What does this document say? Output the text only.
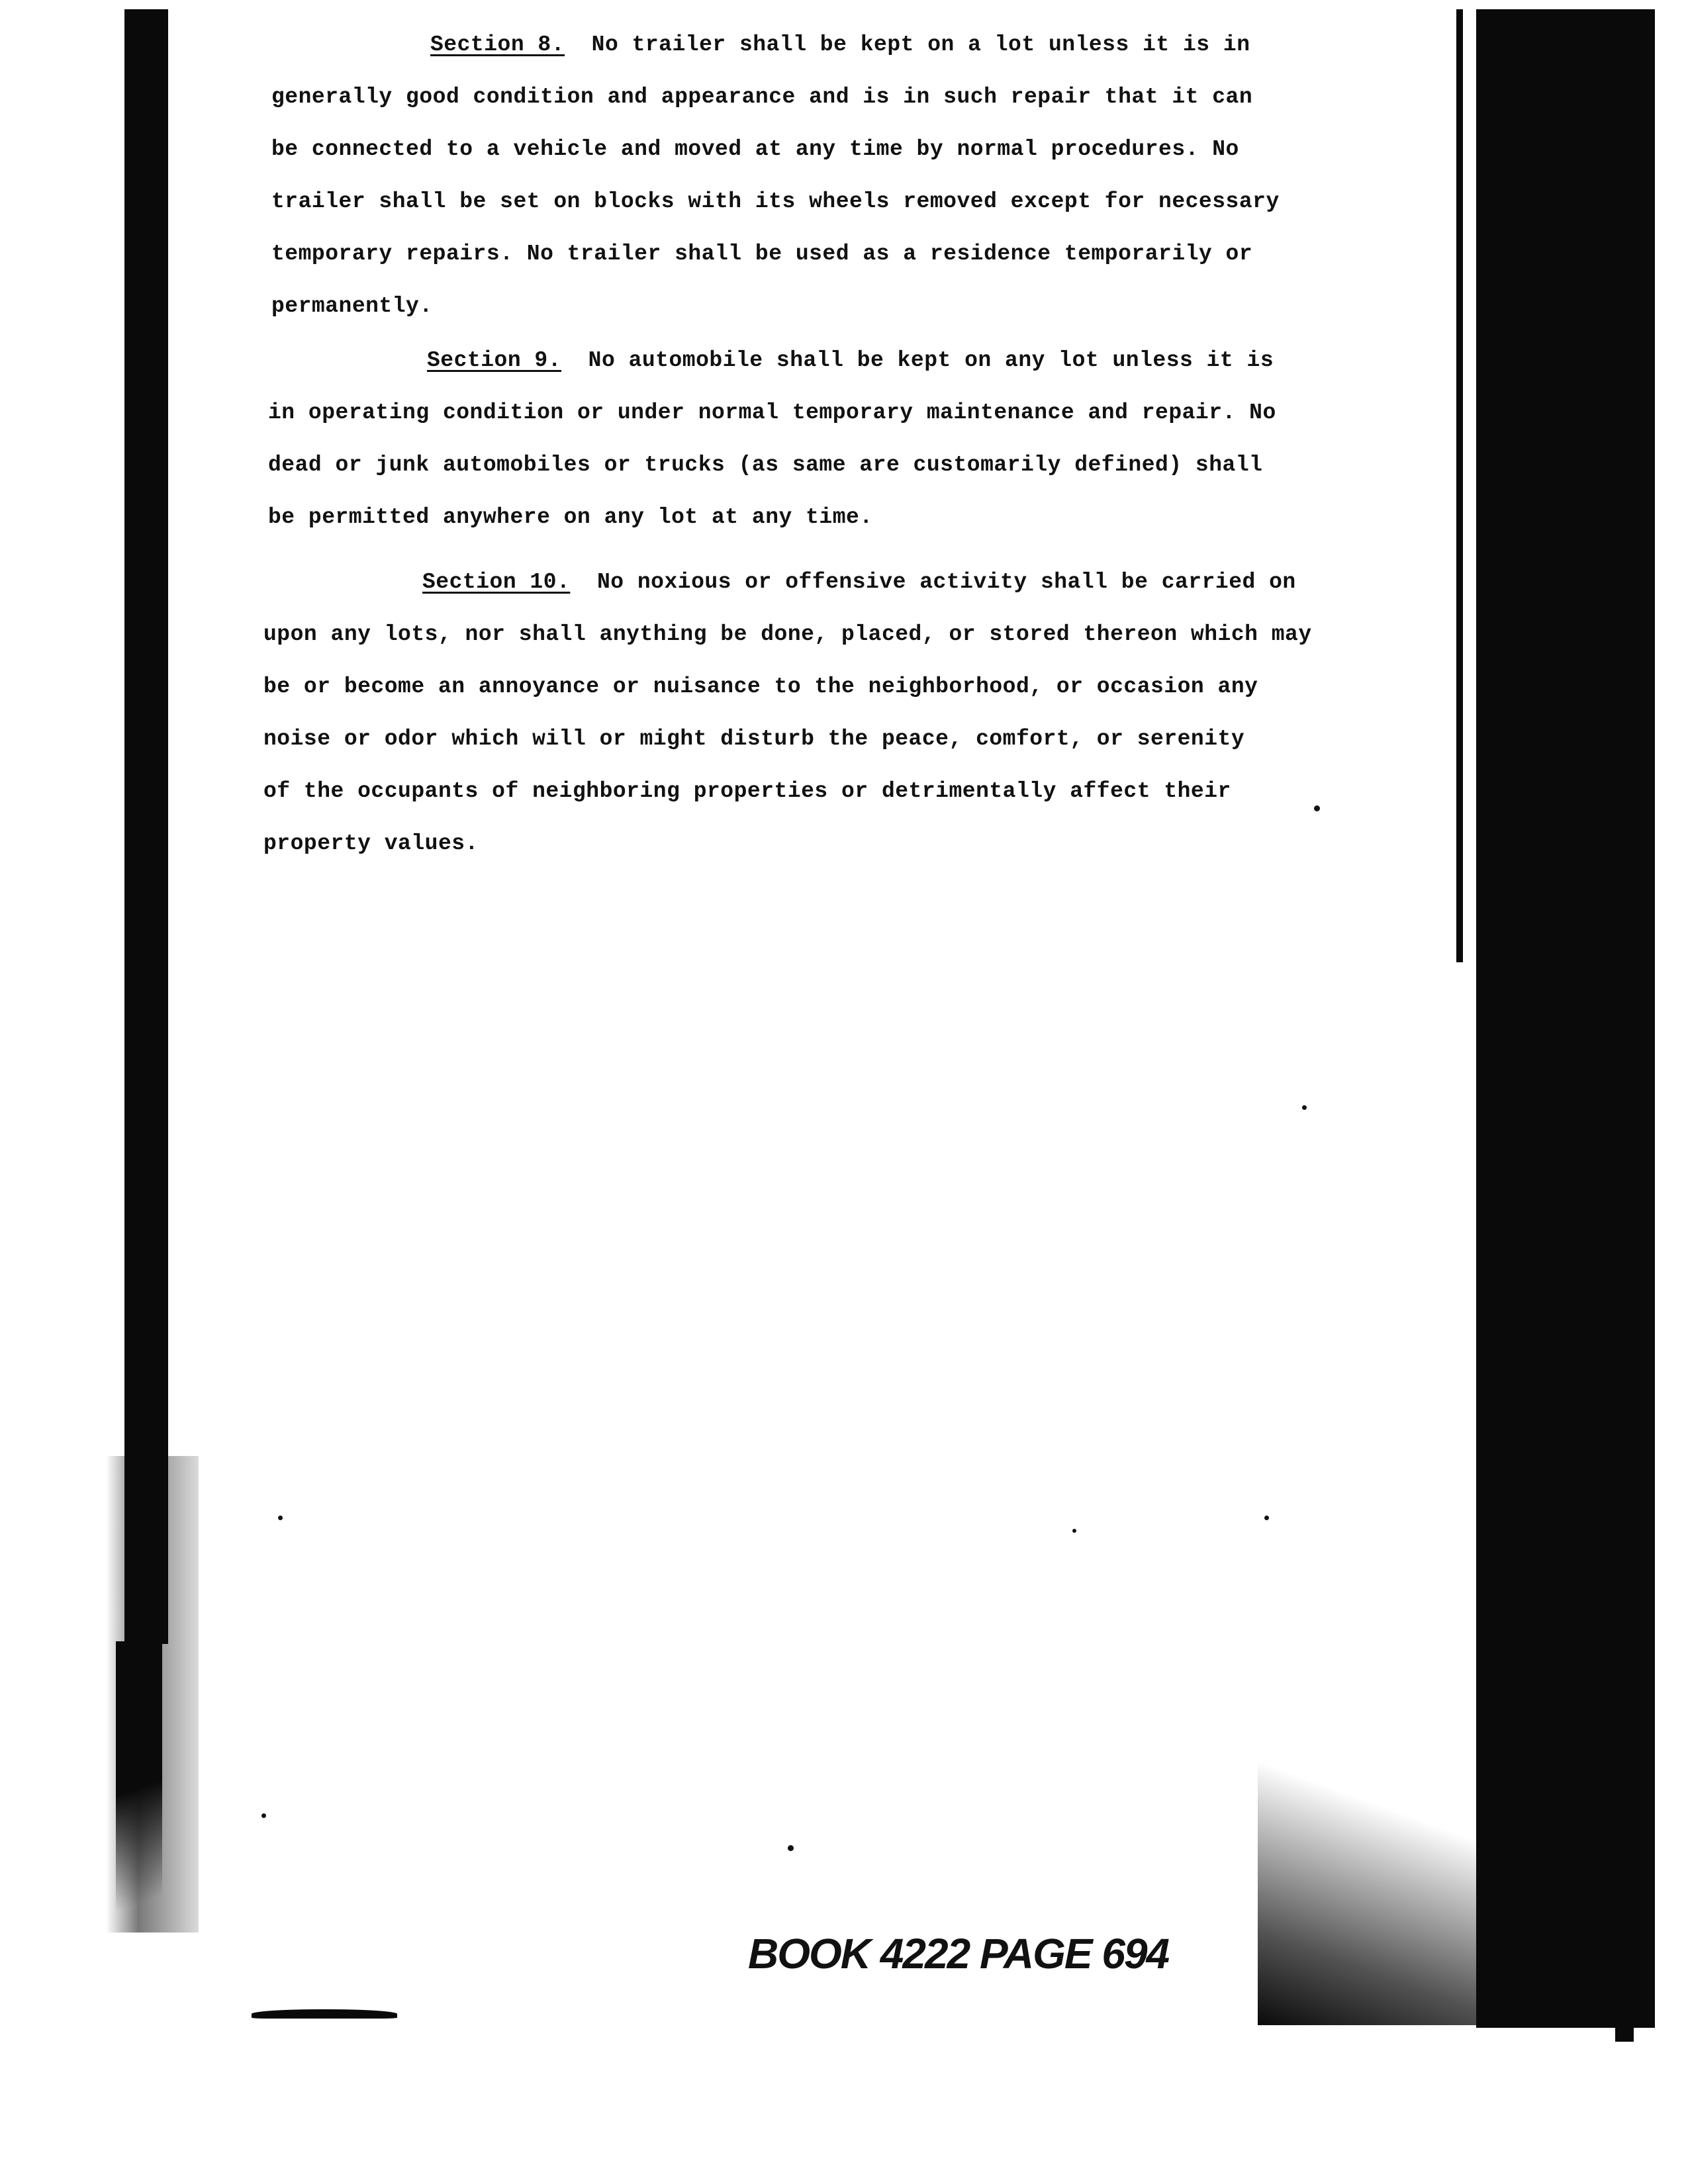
Section 8. No trailer shall be kept on a lot unless it is in
generally good condition and appearance and is in such repair that it can
be connected to a vehicle and moved at any time by normal procedures. No
trailer shall be set on blocks with its wheels removed except for necessary
temporary repairs. No trailer shall be used as a residence temporarily or
permanently.

Section 9. No automobile shall be kept on any lot unless it is
in operating condition or under normal temporary maintenance and repair. No
dead or junk automobiles or trucks (as same are customarily defined) shall
be permitted anywhere on any lot at any time.

Section 10. No noxious or offensive activity shall be carried on
upon any lots, nor shall anything be done, placed, or stored thereon which may
be or become an annoyance or nuisance to the neighborhood, or occasion any
noise or odor which will or might disturb the peace, comfort, or serenity
of the occupants of neighboring properties or detrimentally affect their
property values.

BOOK 4222 PAGE 694
